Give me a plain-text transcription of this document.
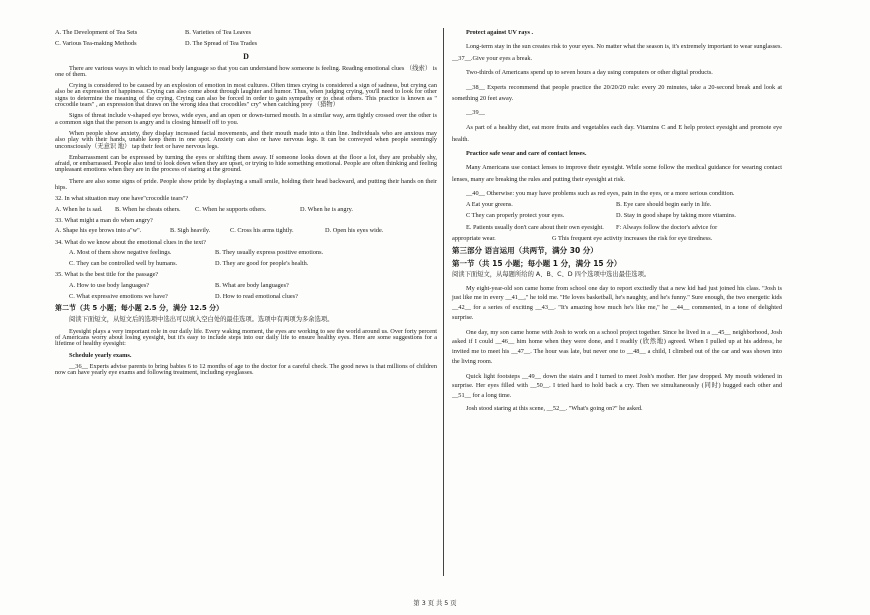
A. The Development of Tea Sets	B. Varieties of Tea Leaves
C. Various Tea-making Methods	D. The Spread of Tea Trades
D

There are various ways in which to read body language so that you can understand how someone is feeling. Reading emotional clues （线索） is one of them.

Crying is considered to be caused by an explosion of emotion in most cultures. Often times crying is considered a sign of sadness, but crying can also be an expression of happiness. Crying can also come about through laughter and humor. Thus, when judging crying, you'll need to look for other signs to determine the meaning of the crying. Crying can also be forced in order to gain sympathy or to cheat others. This practice is known as " crocodile tears" , an expression that draws on the wrong idea that crocodiles" cry" when catching prey （猎物）

Signs of threat include v-shaped eye brows, wide eyes, and an open or down-turned mouth. In a similar way, arm tightly crossed over the other is a common sign that the person is angry and is closing himself off to you.

When people show anxiety, they display increased facial movements, and their mouth made into a thin line. Individuals who are anxious may also play with their hands, unable keep them in one spot. Anxiety can also or have nervous legs. It can be conveyed when people seemingly unconsciously（无意识 地） tap their feet or have nervous legs.

Embarrassment can be expressed by turning the eyes or shifting them away. If someone looks down at the floor a lot, they are probably shy, afraid, or embarrassed. People also tend to look down when they are upset, or trying to hide something emotional. People are often thinking and feeling unpleasant emotions when they are in the process of staring at the ground.

There are also some signs of pride. People show pride by displaying a small smile, holding their head backward, and putting their hands on their hips.

32. In what situation may one have"crocodile tears"?
A. When he is sad.	B. When he cheats others.	C. When he supports others.	D. When he is angry.
33. What might a man do when angry?
A. Shape his eye brows into a"w".	B. Sigh heavily.	C. Cross his arms tightly.	D. Open his eyes wide.
34. What do we know about the emotional clues in the text?
A. Most of them show negative feelings.	B. They usually express positive emotions.
C. They can be controlled well by humans.	D. They are good for people's health.
35. What is the best title for the passage?
A. How to use body languages?	B. What are body languages?
C. What expressive emotions we have?	D. How to read emotional clues?
第二节（共 5 小题；每小题 2.5 分，满分 12.5 分）
阅读下面短文，从短文后的选项中选出可以填入空白处的最佳选项。选项中有两项为多余选项。

Eyesight plays a very important role in our daily life. Every waking moment, the eyes are working to see the world around us. Over forty percent of Americans worry about losing eyesight, but it's easy to include steps into our daily life to ensure healthy eyes. Here are some suggestions for a lifetime of healthy eyesight:

Schedule yearly exams.

__36__ Experts advise parents to bring babies 6 to 12 months of age to the doctor for a careful check. The good news is that millions of children now can have yearly eye exams and following treatment, including eyeglasses.

Protect against UV rays .

Long-term stay in the sun creates risk to your eyes. No matter what the season is, it's extremely important to wear sunglasses. __37__.Give your eyes a break.

Two-thirds of Americans spend up to seven hours a day using computers or other digital products.

__38__ Experts recommend that people practice the 20/20/20 rule: every 20 minutes, take a 20-second break and look at something 20 feet away.

__39__

As part of a healthy diet, eat more fruits and vegetables each day. Vitamins C and E help protect eyesight and promote eye health.

Practice safe wear and care of contact lenses.

Many Americans use contact lenses to improve their eyesight. While some follow the medical guidance for wearing contact lenses, many are breaking the rules and putting their eyesight at risk.

__40__ Otherwise: you may have problems such as red eyes, pain in the eyes, or a more serious condition.

A Eat your greens.	B. Eye care should begin early in life.
C They can properly protect your eyes.	D. Stay in good shape by taking more vitamins.
E. Patients usually don't care about their own eyesight.	F: Always follow the doctor's advice for
appropriate wear.	G This frequent eye activity increases the risk for eye tiredness.
第三部分 语言运用（共两节，满分 30 分）
第一节（共 15 小题；每小题 1 分，满分 15 分）
阅读下面短文，从每题所给的 A、B、C、D 四个选项中选出最佳选项。

My eight-year-old son came home from school one day to report excitedly that a new kid had just joined his class. "Josh is just like me in every __41__," he told me. "He loves basketball, he's naughty, and he's funny." Sure enough, the two energetic kids __42__ for a series of exciting __43__. "It's amazing how much he's like me," he __44__ commented, in a tone of delighted surprise.

One day, my son came home with Josh to work on a school project together. Since he lived in a __45__ neighborhood, Josh asked if I could __46__ him home when they were done, and I readily (欣然地) agreed. When I pulled up at his address, he invited me to meet his __47__. The hour was late, but never one to __48__ a child, I climbed out of the car and was shown into the living room.

Quick light footsteps __49__ down the stairs and I turned to meet Josh's mother. Her jaw dropped. My mouth widened in surprise. Her eyes filled with __50__. I tried hard to hold back a cry. Then we simultaneously (同时) hugged each other and __51__ for a long time.

Josh stood staring at this scene, __52__. "What's going on?" he asked.

第 3 页 共 5 页
